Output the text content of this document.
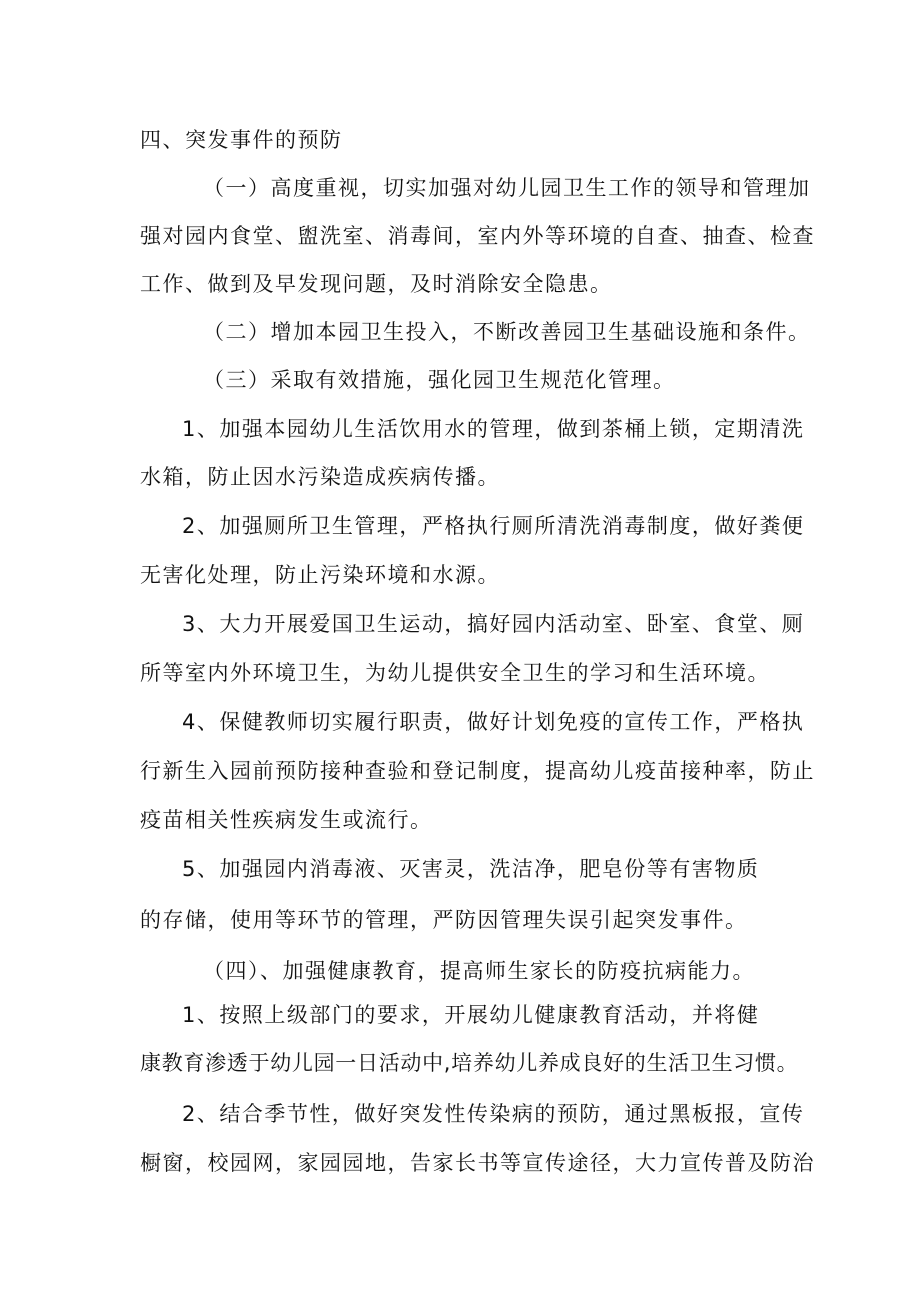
四、突发事件的预防
（一）高度重视，切实加强对幼儿园卫生工作的领导和管理加
强对园内食堂、盥洗室、消毒间，室内外等环境的自查、抽查、检查
工作、做到及早发现问题，及时消除安全隐患。
（二）增加本园卫生投入，不断改善园卫生基础设施和条件。
（三）采取有效措施，强化园卫生规范化管理。
1、加强本园幼儿生活饮用水的管理，做到茶桶上锁，定期清洗
水箱，防止因水污染造成疾病传播。
2、加强厕所卫生管理，严格执行厕所清洗消毒制度，做好粪便
无害化处理，防止污染环境和水源。
3、大力开展爱国卫生运动，搞好园内活动室、卧室、食堂、厕
所等室内外环境卫生，为幼儿提供安全卫生的学习和生活环境。
4、保健教师切实履行职责，做好计划免疫的宣传工作，严格执
行新生入园前预防接种查验和登记制度，提高幼儿疫苗接种率，防止
疫苗相关性疾病发生或流行。
5、加强园内消毒液、灭害灵，洗洁净，肥皂份等有害物质
的存储，使用等环节的管理，严防因管理失误引起突发事件。
（四）、加强健康教育，提高师生家长的防疫抗病能力。
1、按照上级部门的要求，开展幼儿健康教育活动，并将健
康教育渗透于幼儿园一日活动中,培养幼儿养成良好的生活卫生习惯。
2、结合季节性，做好突发性传染病的预防，通过黑板报，宣传
橱窗，校园网，家园园地，告家长书等宣传途径，大力宣传普及防治
